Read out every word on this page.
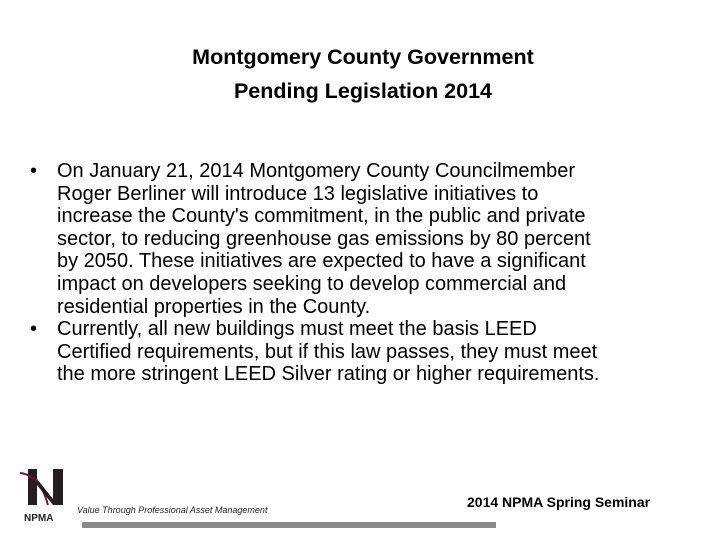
Montgomery County Government
Pending Legislation 2014
• On January 21, 2014 Montgomery County Councilmember
Roger Berliner will introduce 13 legislative initiatives to
increase the County's commitment, in the public and private
sector, to reducing greenhouse gas emissions by 80 percent
by 2050. These initiatives are expected to have a significant
impact on developers seeking to develop commercial and
residential properties in the County.
• Currently, all new buildings must meet the basis LEED
Certified requirements, but if this law passes, they must meet
the more stringent LEED Silver rating or higher requirements.
NPMA
Value Through Professional Asset Management	2014 NPMA Spring Seminar
